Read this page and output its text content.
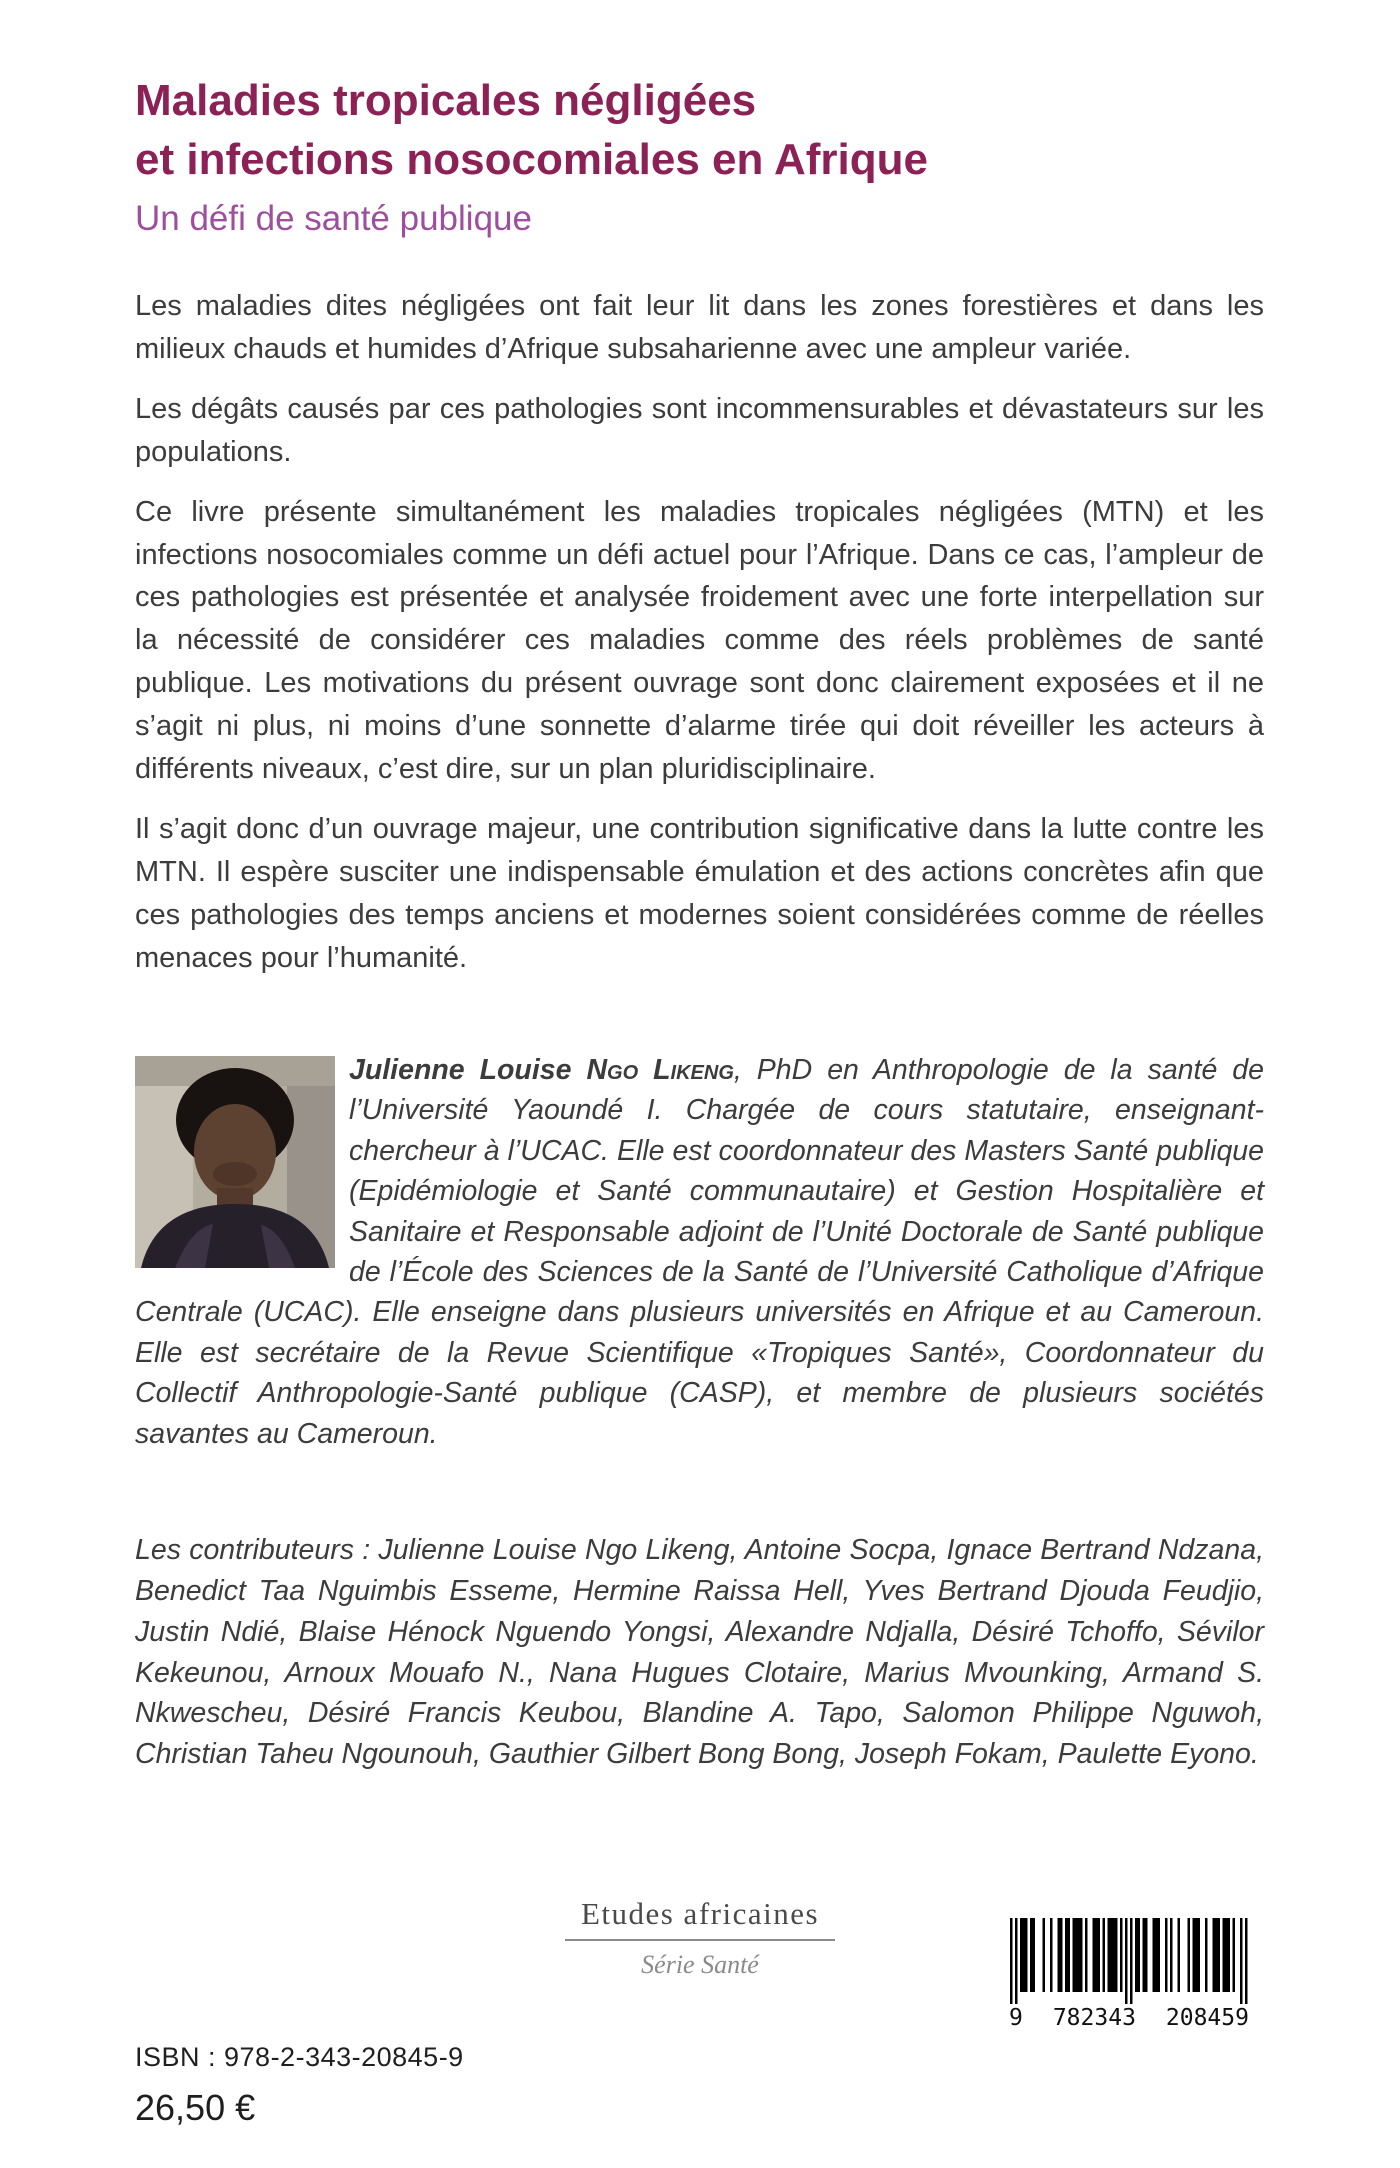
Maladies tropicales négligées
et infections nosocomiales en Afrique
Un défi de santé publique

Les maladies dites négligées ont fait leur lit dans les zones forestières et dans les milieux chauds et humides d’Afrique subsaharienne avec une ampleur variée.

Les dégâts causés par ces pathologies sont incommensurables et dévastateurs sur les populations.

Ce livre présente simultanément les maladies tropicales négligées (MTN) et les infections nosocomiales comme un défi actuel pour l’Afrique. Dans ce cas, l’ampleur de ces pathologies est présentée et analysée froidement avec une forte interpellation sur la nécessité de considérer ces maladies comme des réels problèmes de santé publique. Les motivations du présent ouvrage sont donc clairement exposées et il ne s’agit ni plus, ni moins d’une sonnette d’alarme tirée qui doit réveiller les acteurs à différents niveaux, c’est dire, sur un plan pluridisciplinaire.

Il s’agit donc d’un ouvrage majeur, une contribution significative dans la lutte contre les MTN. Il espère susciter une indispensable émulation et des actions concrètes afin que ces pathologies des temps anciens et modernes soient considérées comme de réelles menaces pour l’humanité.

Julienne Louise Ngo Likeng, PhD en Anthropologie de la santé de l’Université Yaoundé I. Chargée de cours statutaire, enseignant-chercheur à l’UCAC. Elle est coordonnateur des Masters Santé publique (Epidémiologie et Santé communautaire) et Gestion Hospitalière et Sanitaire et Responsable adjoint de l’Unité Doctorale de Santé publique de l’École des Sciences de la Santé de l’Université Catholique d’Afrique Centrale (UCAC). Elle enseigne dans plusieurs universités en Afrique et au Cameroun. Elle est secrétaire de la Revue Scientifique «Tropiques Santé», Coordonnateur du Collectif Anthropologie-Santé publique (CASP), et membre de plusieurs sociétés savantes au Cameroun.

Les contributeurs : Julienne Louise Ngo Likeng, Antoine Socpa, Ignace Bertrand Ndzana, Benedict Taa Nguimbis Esseme, Hermine Raissa Hell, Yves Bertrand Djouda Feudjio, Justin Ndié, Blaise Hénock Nguendo Yongsi, Alexandre Ndjalla, Désiré Tchoffo, Sévilor Kekeunou, Arnoux Mouafo N., Nana Hugues Clotaire, Marius Mvounking, Armand S. Nkwescheu, Désiré Francis Keubou, Blandine A. Tapo, Salomon Philippe Nguwoh, Christian Taheu Ngounouh, Gauthier Gilbert Bong Bong, Joseph Fokam, Paulette Eyono.

Etudes africaines
Série Santé
ISBN : 978-2-343-20845-9
26,50 €
9 782343 208459
